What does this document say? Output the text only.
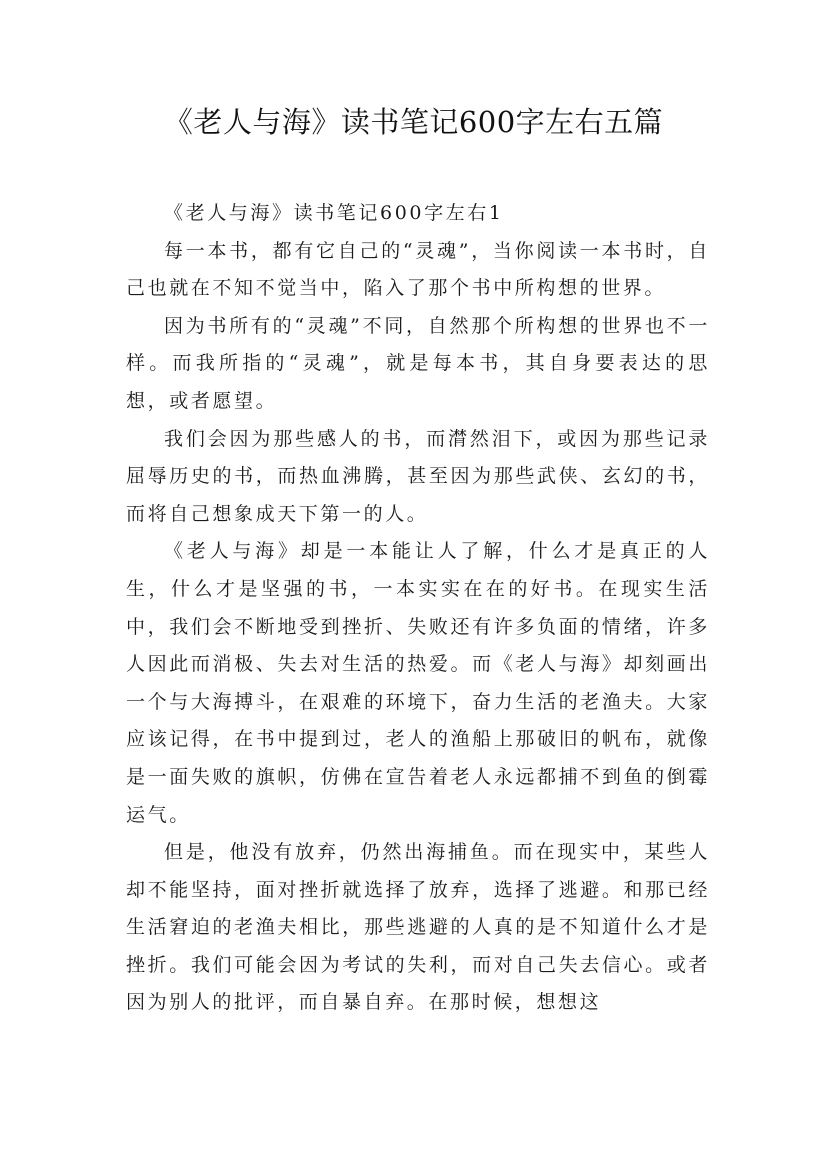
《老人与海》读书笔记600字左右五篇

《老人与海》读书笔记600字左右1

每一本书，都有它自己的“灵魂”，当你阅读一本书时，自己也就在不知不觉当中，陷入了那个书中所构想的世界。

因为书所有的“灵魂”不同，自然那个所构想的世界也不一样。而我所指的“灵魂”，就是每本书，其自身要表达的思想，或者愿望。

我们会因为那些感人的书，而潸然泪下，或因为那些记录屈辱历史的书，而热血沸腾，甚至因为那些武侠、玄幻的书，而将自己想象成天下第一的人。

《老人与海》却是一本能让人了解，什么才是真正的人生，什么才是坚强的书，一本实实在在的好书。在现实生活中，我们会不断地受到挫折、失败还有许多负面的情绪，许多人因此而消极、失去对生活的热爱。而《老人与海》却刻画出一个与大海搏斗，在艰难的环境下，奋力生活的老渔夫。大家应该记得，在书中提到过，老人的渔船上那破旧的帆布，就像是一面失败的旗帜，仿佛在宣告着老人永远都捕不到鱼的倒霉运气。

但是，他没有放弃，仍然出海捕鱼。而在现实中，某些人却不能坚持，面对挫折就选择了放弃，选择了逃避。和那已经生活窘迫的老渔夫相比，那些逃避的人真的是不知道什么才是挫折。我们可能会因为考试的失利，而对自己失去信心。或者因为别人的批评，而自暴自弃。在那时候，想想这
